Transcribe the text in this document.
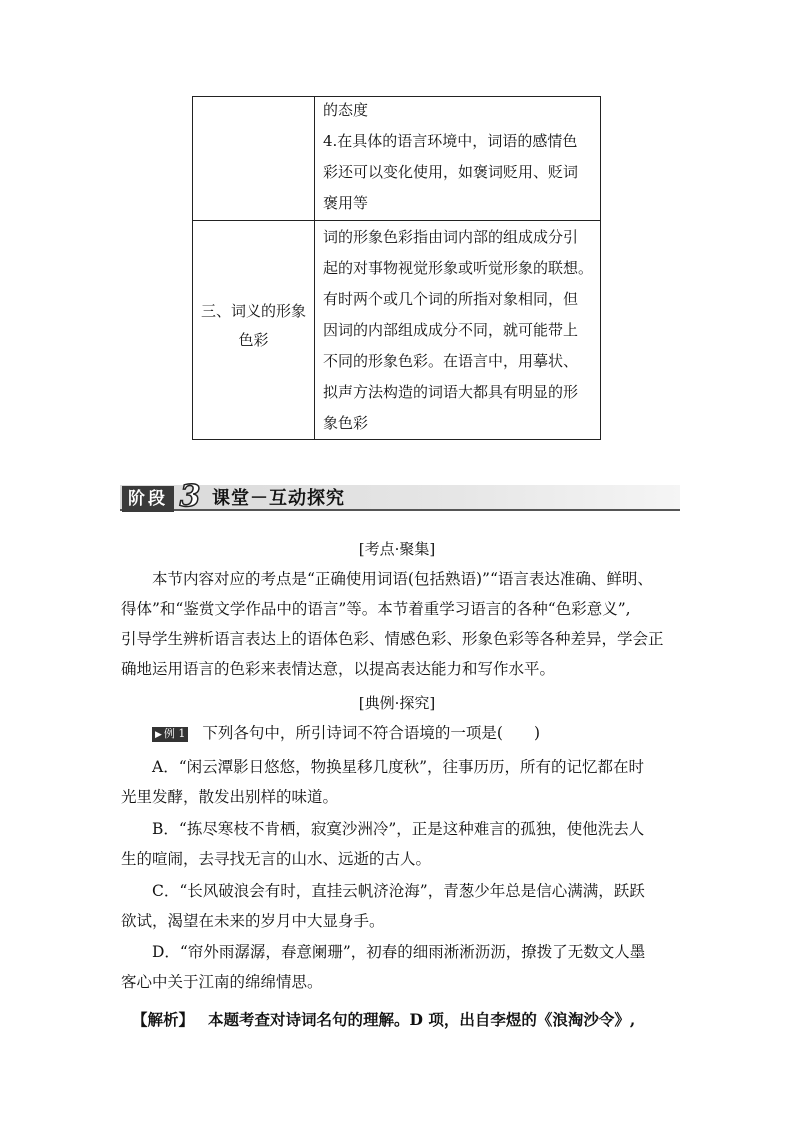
的态度
4.在具体的语言环境中，词语的感情色
彩还可以变化使用，如褒词贬用、贬词
褒用等
三、词义的形象
色彩
词的形象色彩指由词内部的组成成分引
起的对事物视觉形象或听觉形象的联想。
有时两个或几个词的所指对象相同，但
因词的内部组成成分不同，就可能带上
不同的形象色彩。在语言中，用摹状、
拟声方法构造的词语大都具有明显的形
象色彩
阶段 3 课堂－互动探究
[考点·聚集]
本节内容对应的考点是“正确使用词语(包括熟语)”“语言表达准确、鲜明、
得体”和“鉴赏文学作品中的语言”等。本节着重学习语言的各种“色彩意义”,
引导学生辨析语言表达上的语体色彩、情感色彩、形象色彩等各种差异，学会正
确地运用语言的色彩来表情达意，以提高表达能力和写作水平。
[典例·探究]
▶ 例 1 下列各句中，所引诗词不符合语境的一项是(　　)
A．“闲云潭影日悠悠，物换星移几度秋”，往事历历，所有的记忆都在时
光里发酵，散发出别样的味道。
B．“拣尽寒枝不肯栖，寂寞沙洲冷”，正是这种难言的孤独，使他洗去人
生的喧闹，去寻找无言的山水、远逝的古人。
C．“长风破浪会有时，直挂云帆济沧海”，青葱少年总是信心满满，跃跃
欲试，渴望在未来的岁月中大显身手。
D．“帘外雨潺潺，春意阑珊”，初春的细雨淅淅沥沥，撩拨了无数文人墨
客心中关于江南的绵绵情思。
【解析】 本题考查对诗词名句的理解。D 项，出自李煜的《浪淘沙令》,
